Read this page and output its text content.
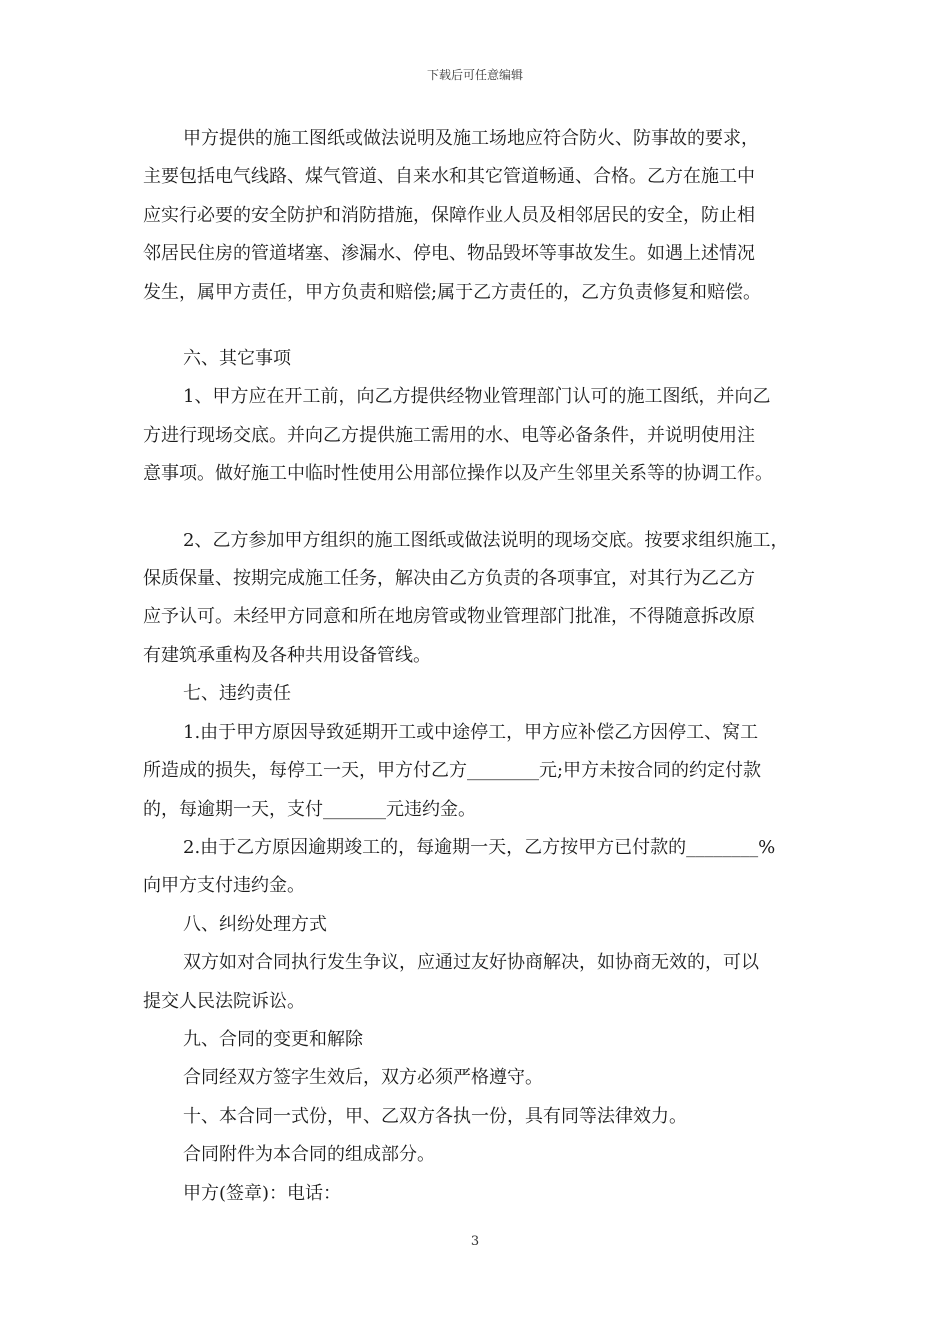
下载后可任意编辑

甲方提供的施工图纸或做法说明及施工场地应符合防火、防事故的要求，

主要包括电气线路、煤气管道、自来水和其它管道畅通、合格。乙方在施工中

应实行必要的安全防护和消防措施，保障作业人员及相邻居民的安全，防止相

邻居民住房的管道堵塞、渗漏水、停电、物品毁坏等事故发生。如遇上述情况

发生，属甲方责任，甲方负责和赔偿;属于乙方责任的，乙方负责修复和赔偿。

六、其它事项

1、甲方应在开工前，向乙方提供经物业管理部门认可的施工图纸，并向乙

方进行现场交底。并向乙方提供施工需用的水、电等必备条件，并说明使用注

意事项。做好施工中临时性使用公用部位操作以及产生邻里关系等的协调工作。

2、乙方参加甲方组织的施工图纸或做法说明的现场交底。按要求组织施工，

保质保量、按期完成施工任务，解决由乙方负责的各项事宜，对其行为乙乙方

应予认可。未经甲方同意和所在地房管或物业管理部门批准，不得随意拆改原

有建筑承重构及各种共用设备管线。

七、违约责任

1.由于甲方原因导致延期开工或中途停工，甲方应补偿乙方因停工、窝工

所造成的损失，每停工一天，甲方付乙方________元;甲方未按合同的约定付款

的，每逾期一天，支付_______元违约金。

2.由于乙方原因逾期竣工的，每逾期一天，乙方按甲方已付款的________%

向甲方支付违约金。

八、纠纷处理方式

双方如对合同执行发生争议，应通过友好协商解决，如协商无效的，可以

提交人民法院诉讼。

九、合同的变更和解除

合同经双方签字生效后，双方必须严格遵守。

十、本合同一式份，甲、乙双方各执一份，具有同等法律效力。

合同附件为本合同的组成部分。

甲方(签章)：电话：

3
